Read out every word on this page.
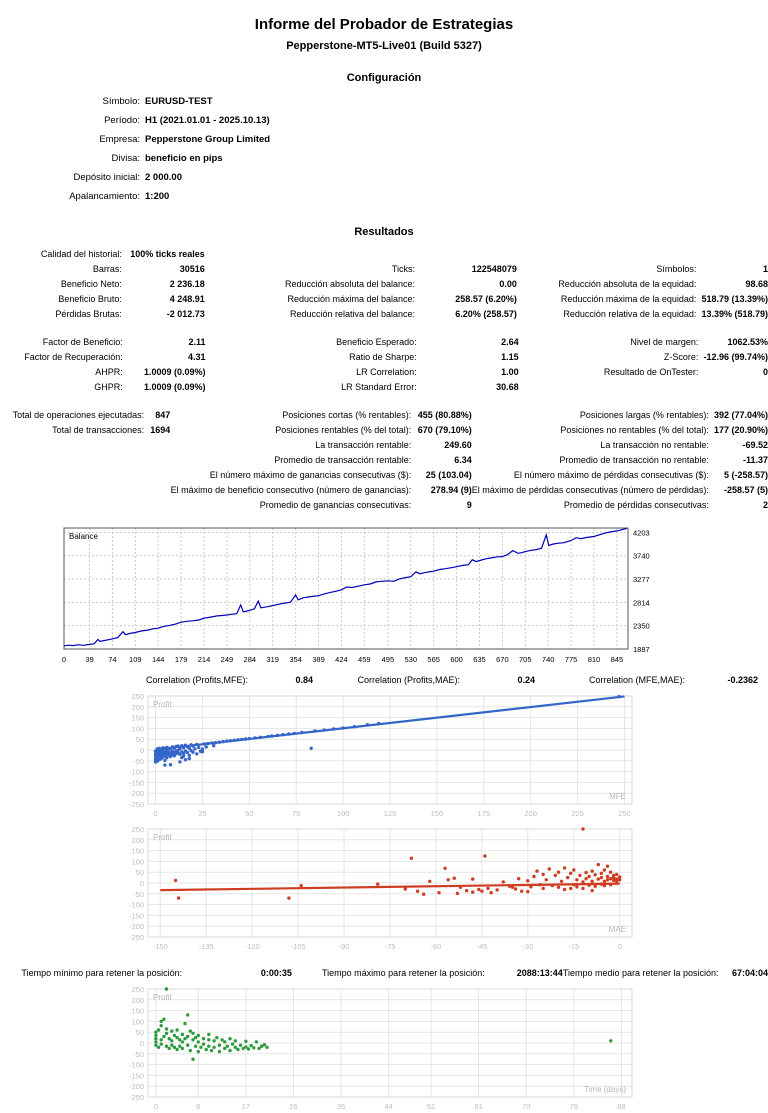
Informe del Probador de Estrategias
Pepperstone-MT5-Live01 (Build 5327)
Configuración
Símbolo:	EURUSD-TEST
Período:	H1 (2021.01.01 - 2025.10.13)
Empresa:	Pepperstone Group Limited
Divisa:	beneficio en pips
Depósito inicial:	2 000.00
Apalancamiento:	1:200
Resultados
Calidad del historial:	100% ticks reales				
Barras:	30516	Ticks:	122548079	Símbolos:	1
Beneficio Neto:	2 236.18	Reducción absoluta del balance:	0.00	Reducción absoluta de la equidad:	98.68
Beneficio Bruto:	4 248.91	Reducción máxima del balance:	258.57 (6.20%)	Reducción máxima de la equidad:	518.79 (13.39%)
Pérdidas Brutas:	-2 012.73	Reducción relativa del balance:	6.20% (258.57)	Reducción relativa de la equidad:	13.39% (518.79)
Factor de Beneficio:	2.11	Beneficio Esperado:	2.64	Nivel de margen:	1062.53%
Factor de Recuperación:	4.31	Ratio de Sharpe:	1.15	Z-Score:	-12.96 (99.74%)
AHPR:	1.0009 (0.09%)	LR Correlation:	1.00	Resultado de OnTester:	0
GHPR:	1.0009 (0.09%)	LR Standard Error:	30.68		
Total de operaciones ejecutadas:	847	Posiciones cortas (% rentables):	455 (80.88%)	Posiciones largas (% rentables):	392 (77.04%)
Total de transacciones:	1694	Posiciones rentables (% del total):	670 (79.10%)	Posiciones no rentables (% del total):	177 (20.90%)
		La transacción rentable:	249.60	La transacción no rentable:	-69.52
		Promedio de transacción rentable:	6.34	Promedio de transacción no rentable:	-11.37
		El número máximo de ganancias consecutivas ($):	25 (103.04)	El número máximo de pérdidas consecutivas ($):	5 (-258.57)
		El máximo de beneficio consecutivo (número de ganancias):	278.94 (9)	El máximo de pérdidas consecutivas (número de pérdidas):	-258.57 (5)
		Promedio de ganancias consecutivas:	9	Promedio de pérdidas consecutivas:	2
0	39 74 109 144 179 214 249 284 319 354 389 424 459 495 530 565 600 635 670 705 740 775 810 845
1887
2350
2814
3277
3740
4203
Balance
Correlation (Profits,MFE):	0.84	Correlation (Profits,MAE):	0.24	Correlation (MFE,MAE):	-0.2362
0	25	50	75	100	125	150	175	200	225	250
250
200
150
100
50
0
-50
-100
-150
-200
-250
Profit
MFE
-150	-135	-120	-105	-90	-75	-60	-45	-30	-15	0
250
200
150
100
50
0
-50
-100
-150
-200
-250
Profit
MAE
Tiempo mínimo para retener la posición:	0:00:35	Tiempo máximo para retener la posición:	2088:13:44	Tiempo medio para retener la posición:	67:04:04
0	8	17	26	35	44	52	61	70	79	88
250
200
150
100
50
0
-50
-100
-150
-200
-250
Profit
Time (days)
